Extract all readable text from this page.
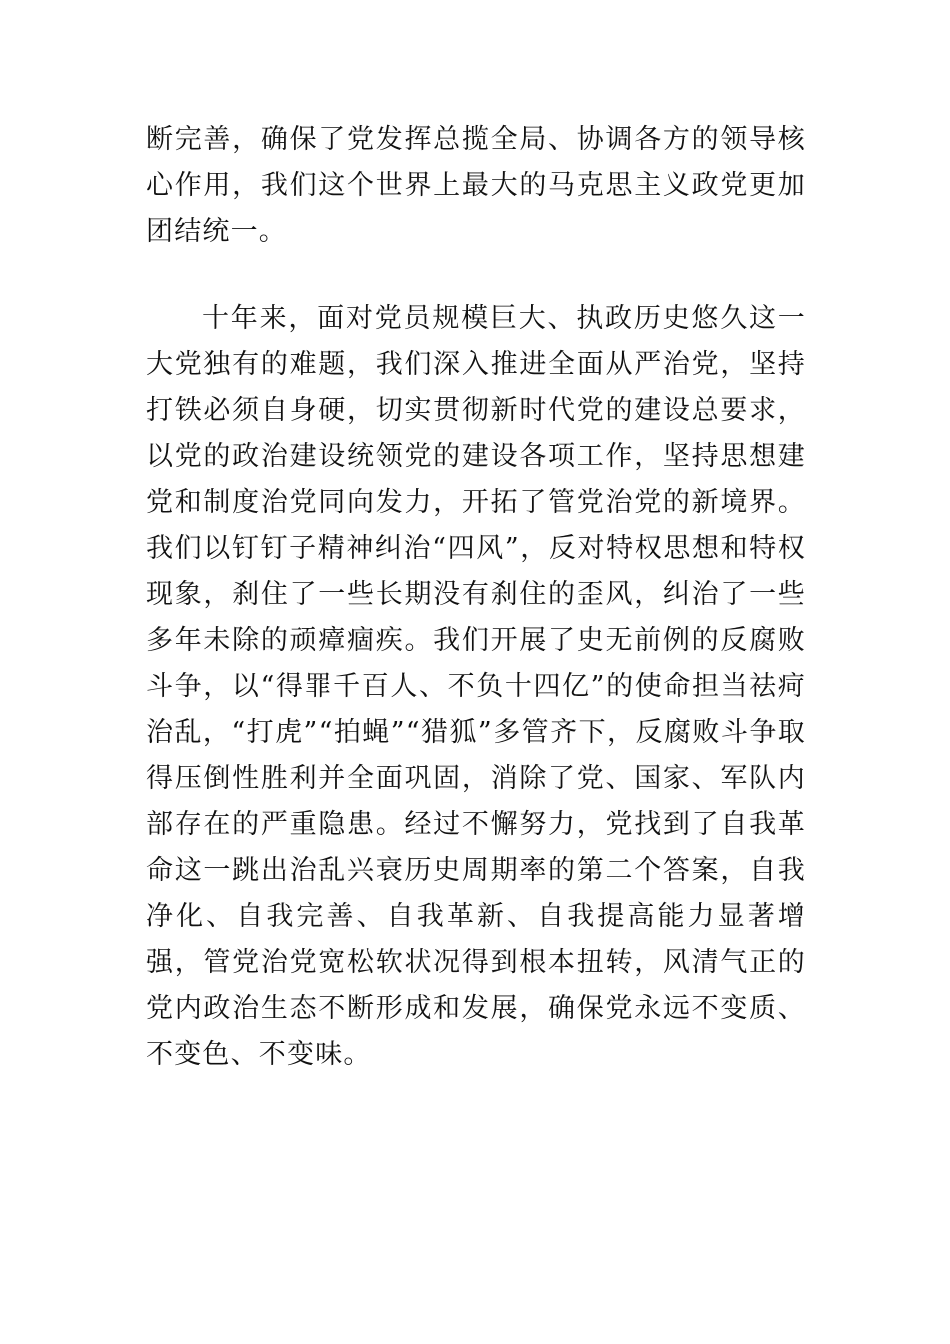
断完善，确保了党发挥总揽全局、协调各方的领导核心作用，我们这个世界上最大的马克思主义政党更加团结统一。

十年来，面对党员规模巨大、执政历史悠久这一大党独有的难题，我们深入推进全面从严治党，坚持打铁必须自身硬，切实贯彻新时代党的建设总要求，以党的政治建设统领党的建设各项工作，坚持思想建党和制度治党同向发力，开拓了管党治党的新境界。我们以钉钉子精神纠治“四风”，反对特权思想和特权现象，刹住了一些长期没有刹住的歪风，纠治了一些多年未除的顽瘴痼疾。我们开展了史无前例的反腐败斗争，以“得罪千百人、不负十四亿”的使命担当祛疴治乱，“打虎”“拍蝇”“猎狐”多管齐下，反腐败斗争取得压倒性胜利并全面巩固，消除了党、国家、军队内部存在的严重隐患。经过不懈努力，党找到了自我革命这一跳出治乱兴衰历史周期率的第二个答案，自我净化、自我完善、自我革新、自我提高能力显著增强，管党治党宽松软状况得到根本扭转，风清气正的党内政治生态不断形成和发展，确保党永远不变质、不变色、不变味。
